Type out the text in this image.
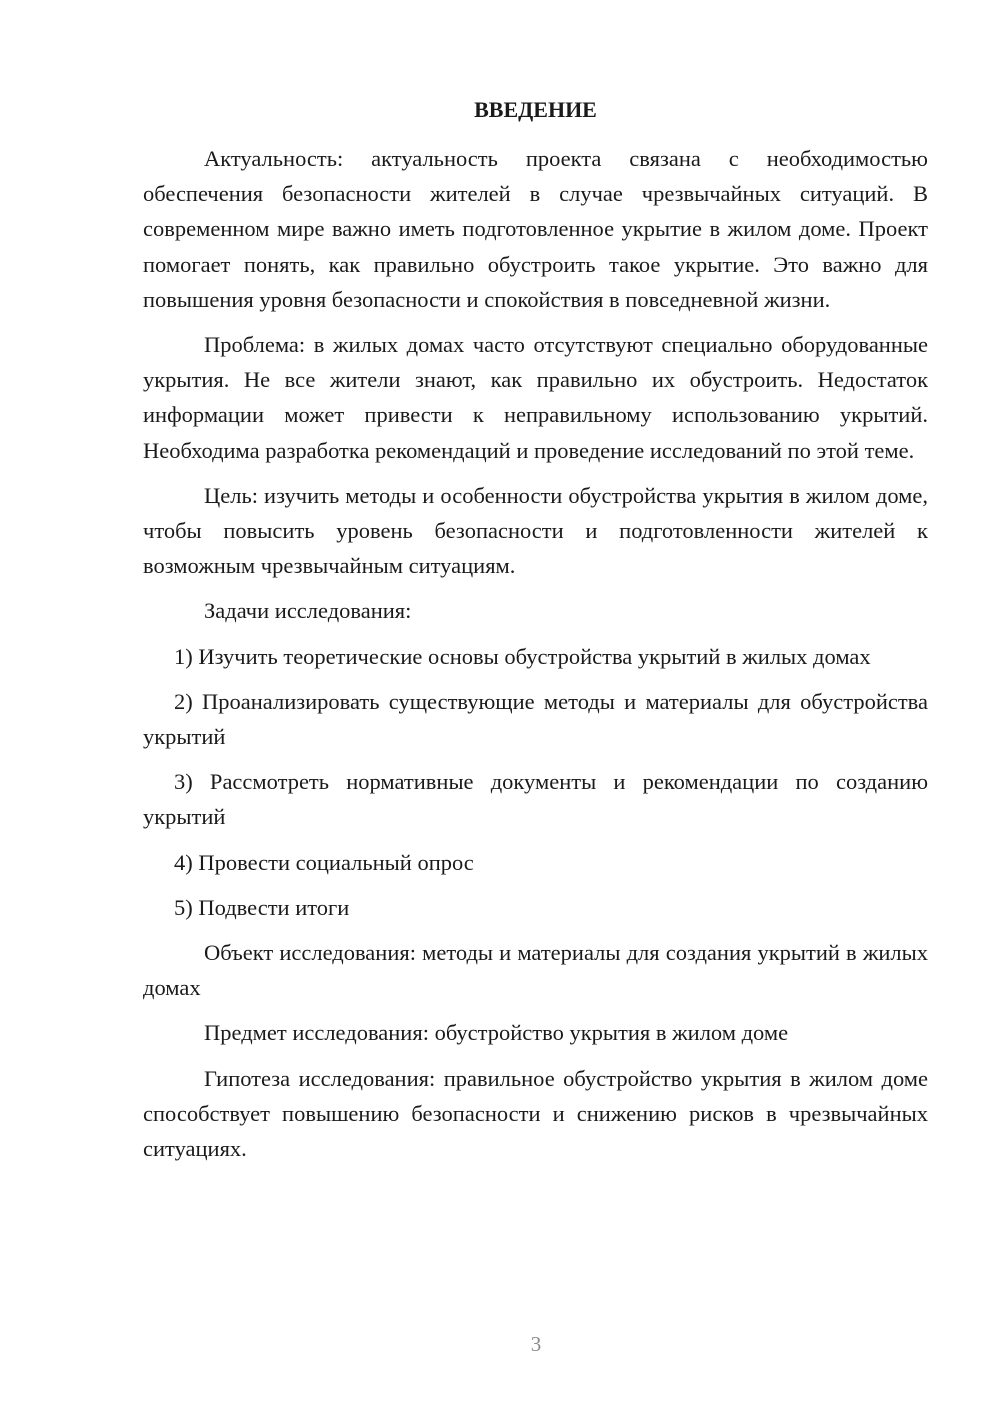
ВВЕДЕНИЕ

Актуальность: актуальность проекта связана с необходимостью обеспечения безопасности жителей в случае чрезвычайных ситуаций. В современном мире важно иметь подготовленное укрытие в жилом доме. Проект помогает понять, как правильно обустроить такое укрытие. Это важно для повышения уровня безопасности и спокойствия в повседневной жизни.

Проблема: в жилых домах часто отсутствуют специально оборудованные укрытия. Не все жители знают, как правильно их обустроить. Недостаток информации может привести к неправильному использованию укрытий. Необходима разработка рекомендаций и проведение исследований по этой теме.

Цель: изучить методы и особенности обустройства укрытия в жилом доме, чтобы повысить уровень безопасности и подготовленности жителей к возможным чрезвычайным ситуациям.

Задачи исследования:

1) Изучить теоретические основы обустройства укрытий в жилых домах

2) Проанализировать существующие методы и материалы для обустройства укрытий

3) Рассмотреть нормативные документы и рекомендации по созданию укрытий

4) Провести социальный опрос

5) Подвести итоги

Объект исследования: методы и материалы для создания укрытий в жилых домах

Предмет исследования: обустройство укрытия в жилом доме

Гипотеза исследования: правильное обустройство укрытия в жилом доме способствует повышению безопасности и снижению рисков в чрезвычайных ситуациях.

3
